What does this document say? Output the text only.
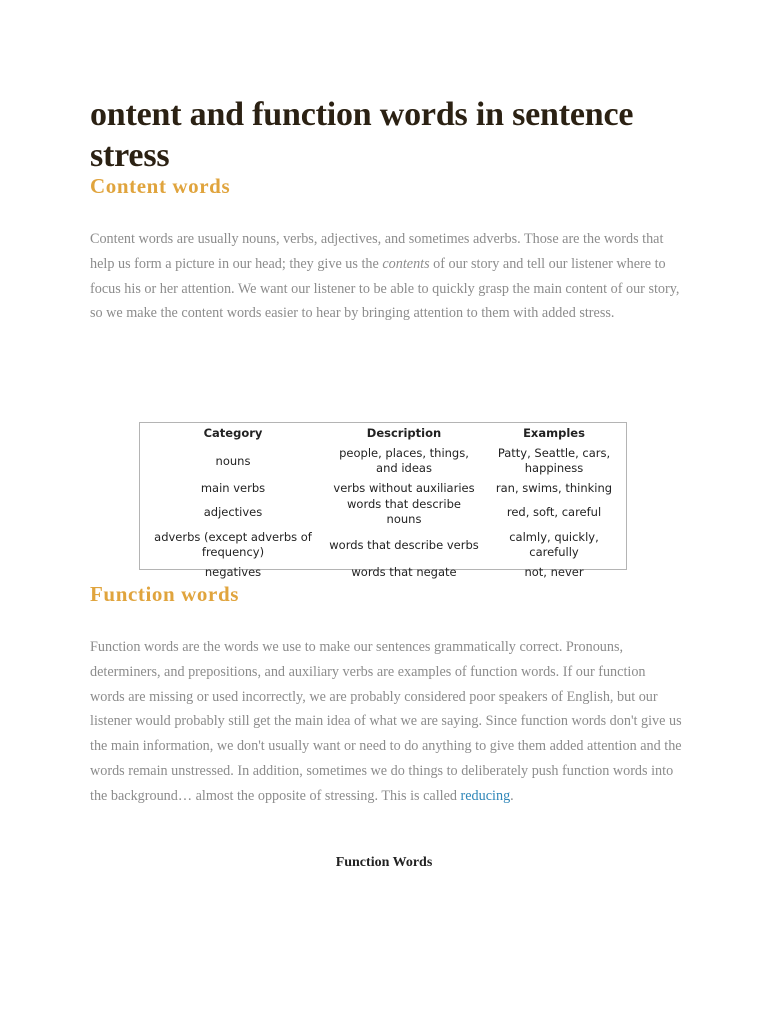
ontent and function words in sentence stress
Content words

Content words are usually nouns, verbs, adjectives, and sometimes adverbs. Those are the words that help us form a picture in our head; they give us the contents of our story and tell our listener where to focus his or her attention. We want our listener to be able to quickly grasp the main content of our story, so we make the content words easier to hear by bringing attention to them with added stress.

Category	Description	Examples
nouns	people, places, things, and ideas	Patty, Seattle, cars, happiness
main verbs	verbs without auxiliaries	ran, swims, thinking
adjectives	words that describe nouns	red, soft, careful
adverbs (except adverbs of frequency)	words that describe verbs	calmly, quickly, carefully
negatives	words that negate	not, never
Function words

Function words are the words we use to make our sentences grammatically correct. Pronouns, determiners, and prepositions, and auxiliary verbs are examples of function words. If our function words are missing or used incorrectly, we are probably considered poor speakers of English, but our listener would probably still get the main idea of what we are saying. Since function words don't give us the main information, we don't usually want or need to do anything to give them added attention and the words remain unstressed. In addition, sometimes we do things to deliberately push function words into the background… almost the opposite of stressing. This is called reducing.

Function Words
